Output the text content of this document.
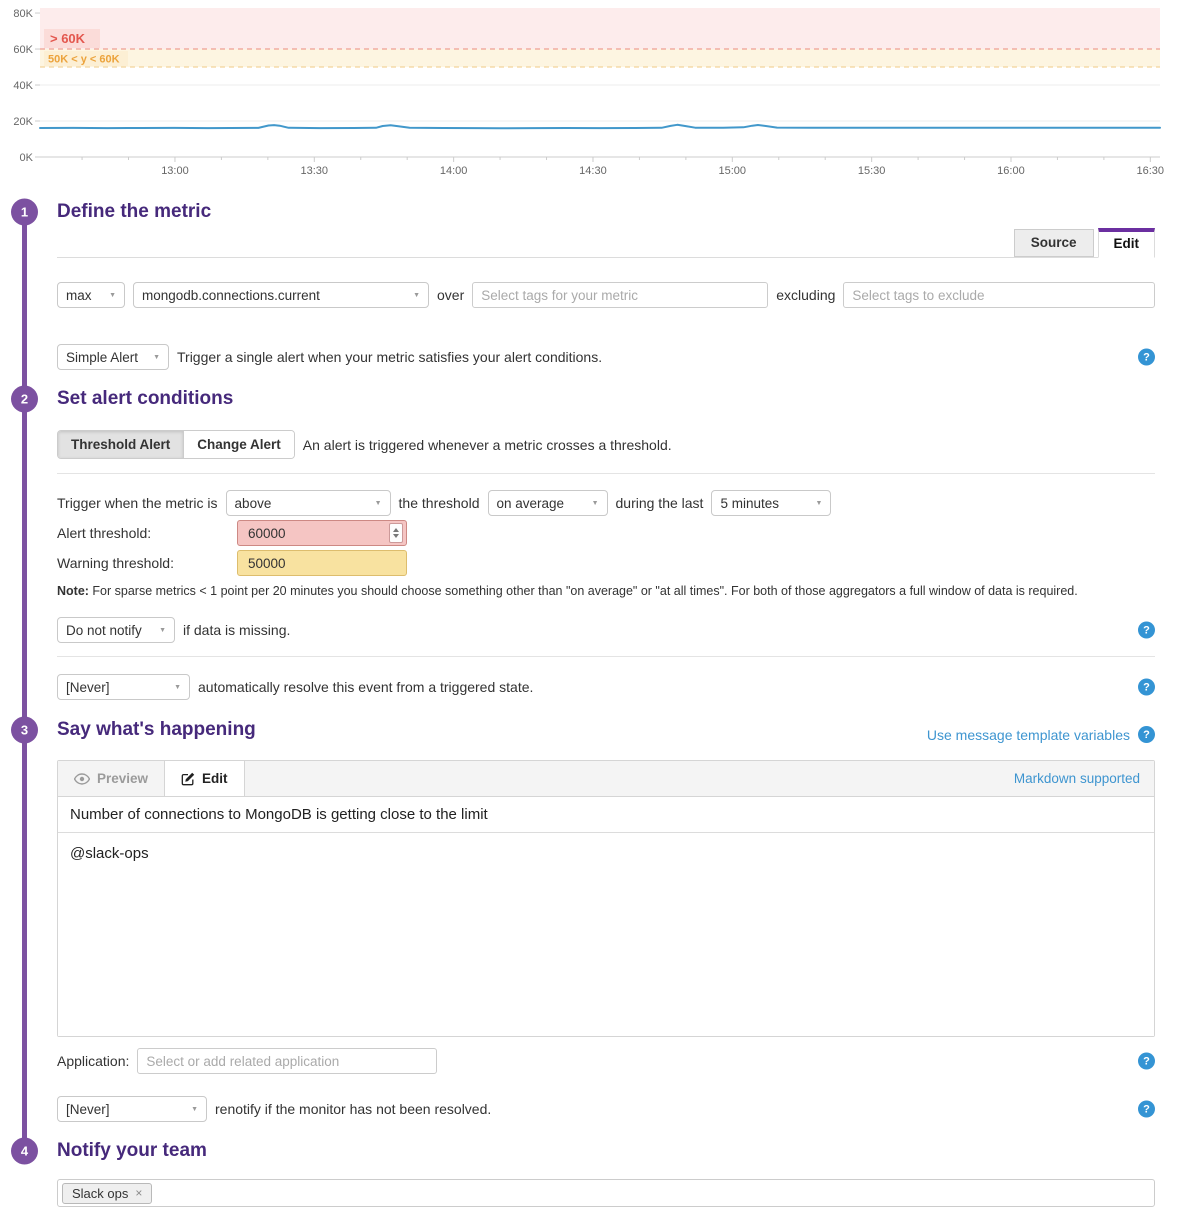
> 60K
50K < y < 60K
0K
20K
40K
60K
80K
13:00	13:30	14:00	14:30	15:00	15:30	16:00	16:30
1	Define the metric
Source	Edit
max	▼ mongodb.connections.current	▼ over
Select tags for your metric	excluding
Select tags to exclude
Simple Alert ▼ Trigger a single alert when your metric satisfies your alert conditions.	?
2	Set alert conditions
Threshold Alert	Change Alert	An alert is triggered whenever a metric crosses a threshold.
Trigger when the metric is above	▼ the threshold on average	▼ during the last 5 minutes	▼
Alert threshold:
60000
Warning threshold:
50000
Note: For sparse metrics < 1 point per 20 minutes you should choose something other than "on average" or "at all times". For both of those aggregators a full window of data is required.
Do not notify ▼ if data is missing.	?
[Never]	▼ automatically resolve this event from a triggered state.	?
3	Say what's happening	Use message template variables	?
Preview	Edit	Markdown supported
Number of connections to MongoDB is getting close to the limit
@slack-ops
Application:
Select or add related application	?
[Never]	▼ renotify if the monitor has not been resolved.	?
4	Notify your team
Slack ops ×
